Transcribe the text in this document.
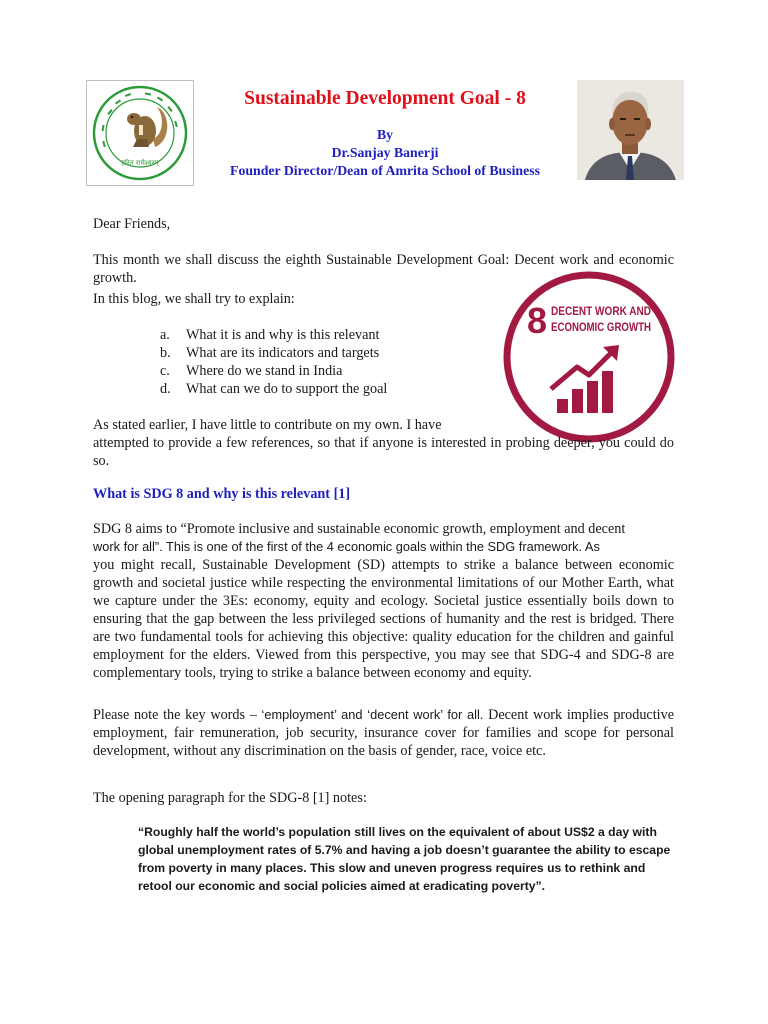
हरित रामेश्वरम्
Sustainable Development Goal - 8

By

Dr.Sanjay Banerji

Founder Director/Dean of Amrita School of Business

Dear Friends,

This month we shall discuss the eighth Sustainable Development Goal: Decent work and economic growth.

In this blog, we shall try to explain:

a. What it is and why is this relevant
b. What are its indicators and targets
c. Where do we stand in India
d. What can we do to support the goal
8 DECENT WORK AND
ECONOMIC GROWTH

As stated earlier, I have little to contribute on my own. I have

attempted to provide a few references, so that if anyone is interested in probing deeper, you could do so.

What is SDG 8 and why is this relevant [1]

SDG 8 aims to “Promote inclusive and sustainable economic growth, employment and decent

work for all”. This is one of the first of the 4 economic goals within the SDG framework. As

you might recall, Sustainable Development (SD) attempts to strike a balance between economic growth and societal justice while respecting the environmental limitations of our Mother Earth, what we capture under the 3Es: economy, equity and ecology. Societal justice essentially boils down to ensuring that the gap between the less privileged sections of humanity and the rest is bridged. There are two fundamental tools for achieving this objective: quality education for the children and gainful employment for the elders. Viewed from this perspective, you may see that SDG-4 and SDG-8 are complementary tools, trying to strike a balance between economy and equity.

Please note the key words – ‘employment’ and ‘decent work’ for all. Decent work implies productive employment, fair remuneration, job security, insurance cover for families and scope for personal development, without any discrimination on the basis of gender, race, voice etc.

The opening paragraph for the SDG-8 [1] notes:

“Roughly half the world’s population still lives on the equivalent of about US$2 a day with global unemployment rates of 5.7% and having a job doesn’t guarantee the ability to escape from poverty in many places. This slow and uneven progress requires us to rethink and retool our economic and social policies aimed at eradicating poverty”.
